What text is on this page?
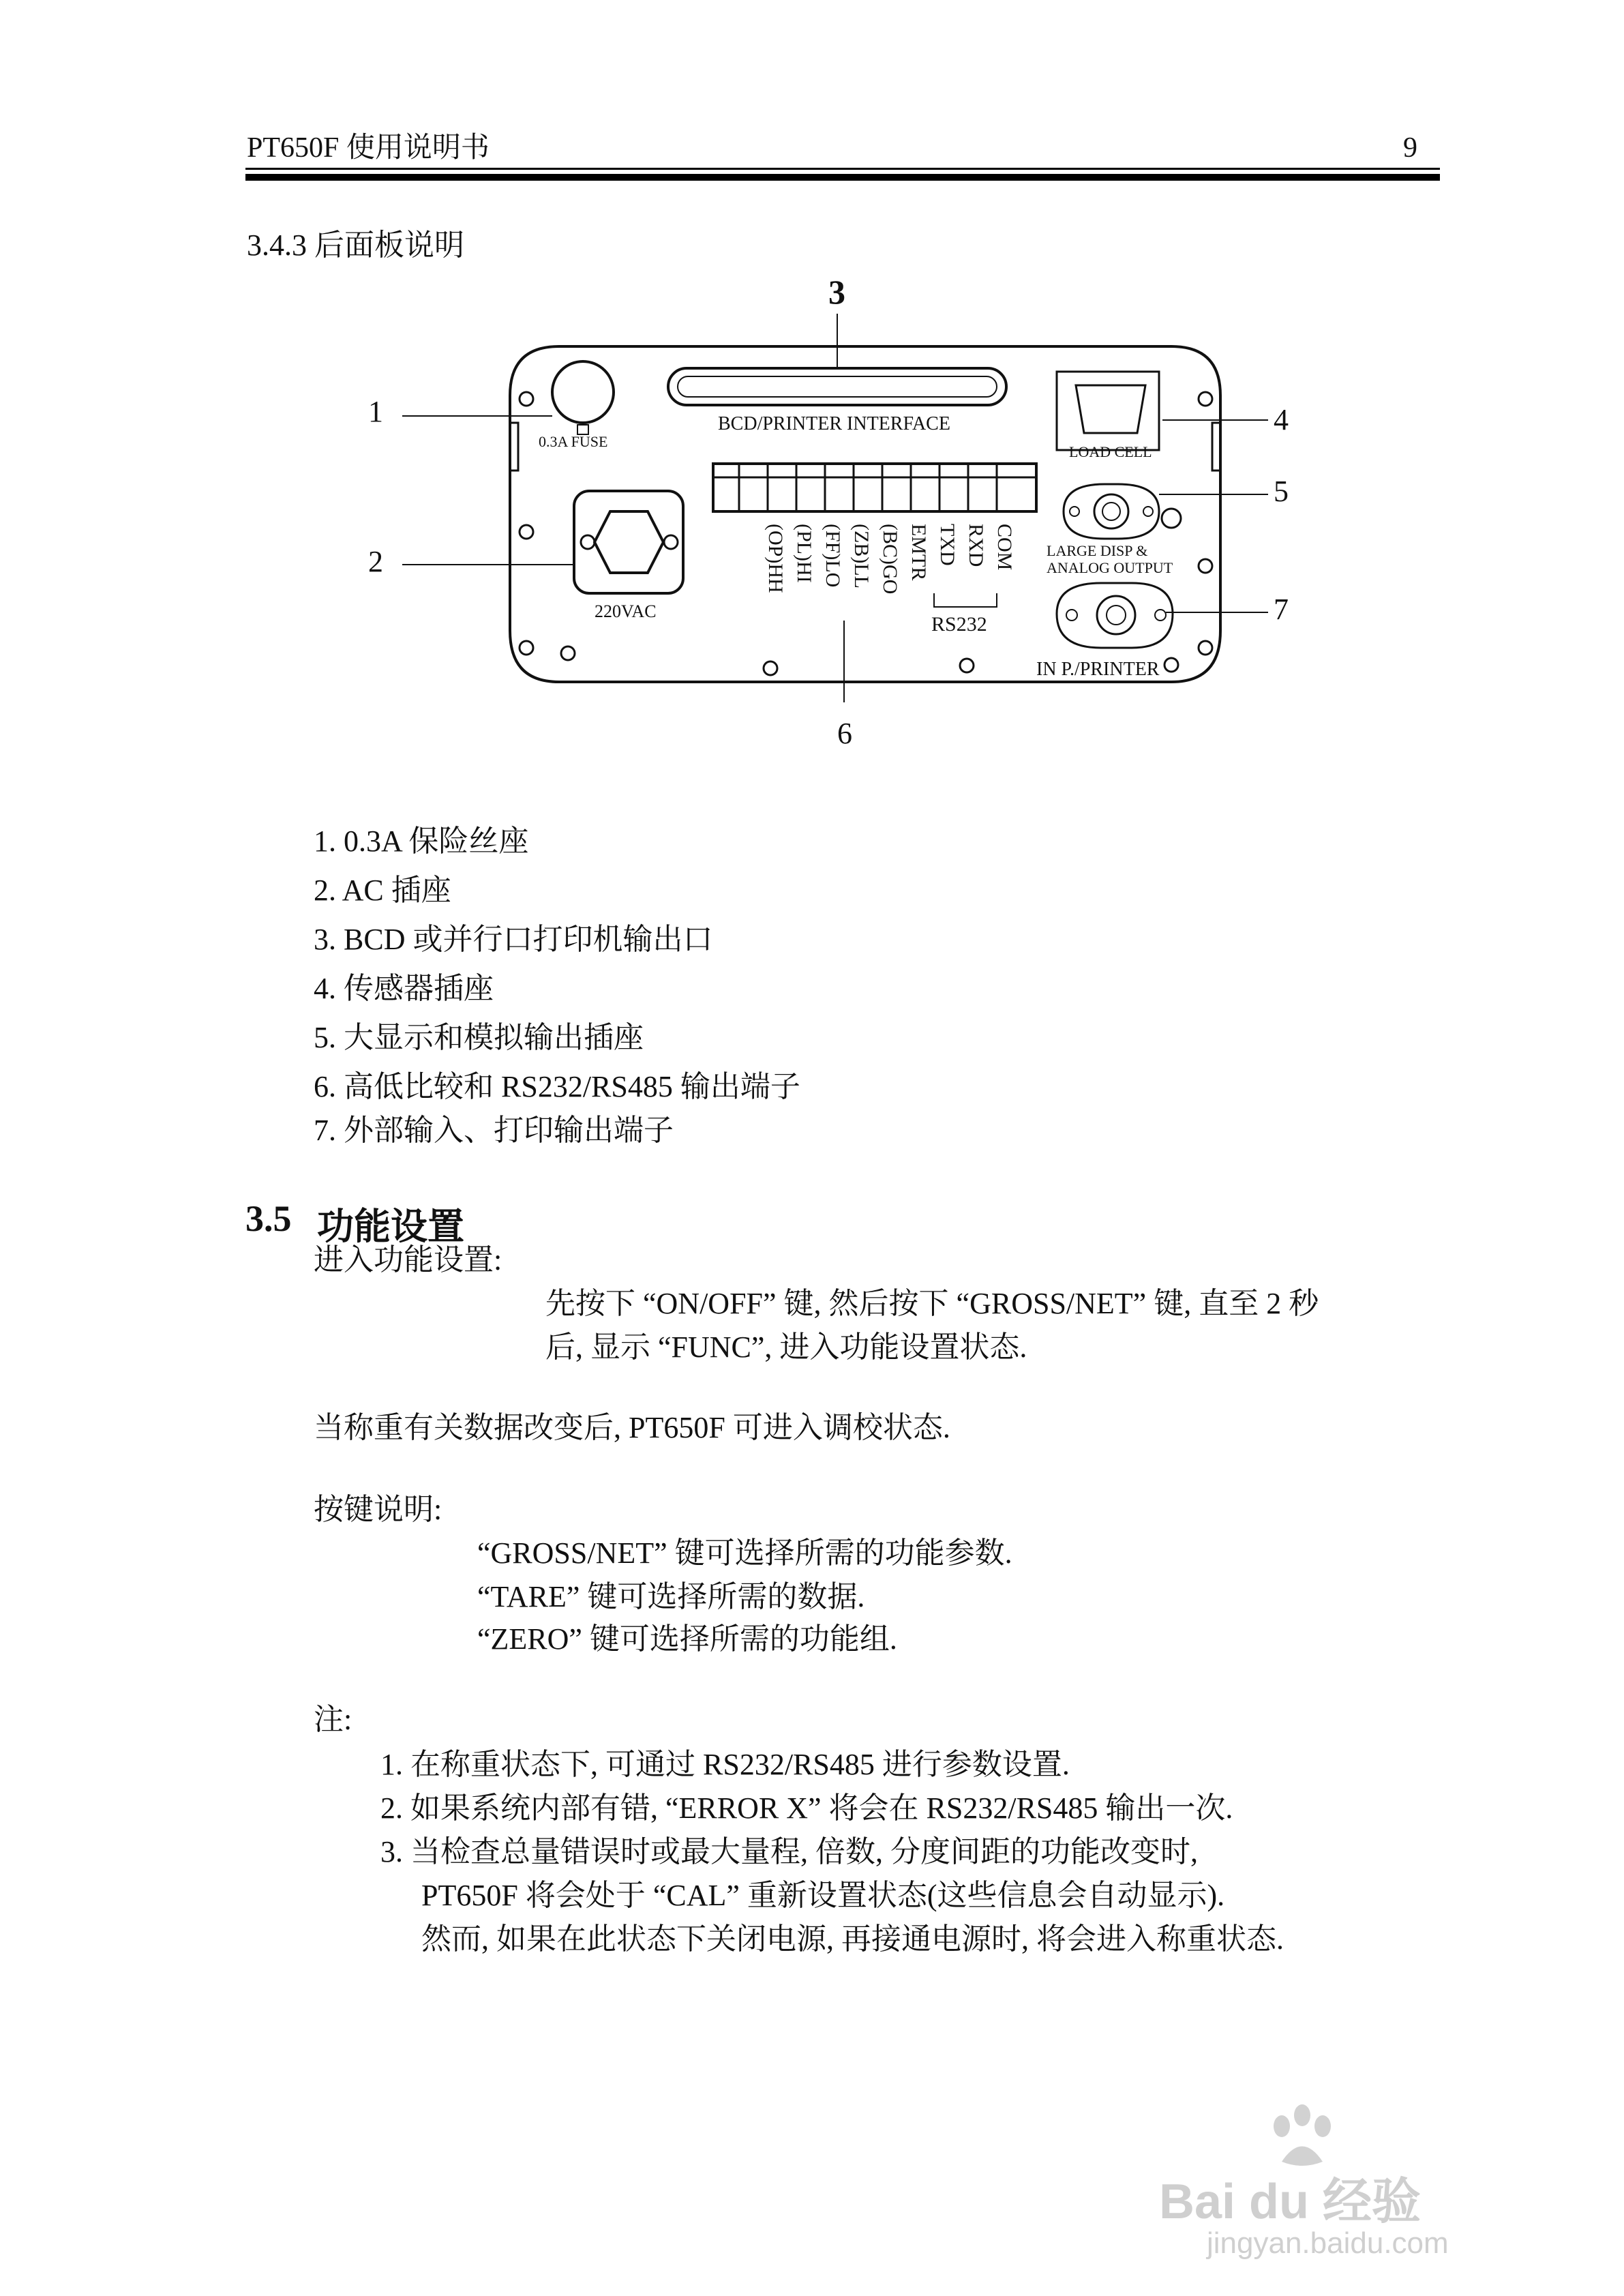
PT650F 使用说明书	9
3.4.3 后面板说明
3
1
0.3A FUSE
2
220VAC
BCD/PRINTER INTERFACE	4
LOAD CELL
(OP)HH (PL)HI (FF)LO (ZB)LL (BC)GO EMTR TXD RXD COM
RS232
6
5
LARGE DISP &
ANALOG OUTPUT
7
IN P./PRINTER
1. 0.3A 保险丝座
2. AC 插座
3. BCD 或并行口打印机输出口
4. 传感器插座
5. 大显示和模拟输出插座
6. 高低比较和 RS232/RS485 输出端子
7. 外部输入、打印输出端子
3.5 功能设置
进入功能设置:
先按下 “ON/OFF” 键, 然后按下 “GROSS/NET” 键, 直至 2 秒
后, 显示 “FUNC”, 进入功能设置状态.
当称重有关数据改变后, PT650F 可进入调校状态.
按键说明:
“GROSS/NET” 键可选择所需的功能参数.
“TARE” 键可选择所需的数据.
“ZERO” 键可选择所需的功能组.
注:
1. 在称重状态下, 可通过 RS232/RS485 进行参数设置.
2. 如果系统内部有错, “ERROR X” 将会在 RS232/RS485 输出一次.
3. 当检查总量错误时或最大量程, 倍数, 分度间距的功能改变时,
PT650F 将会处于 “CAL” 重新设置状态(这些信息会自动显示).
然而, 如果在此状态下关闭电源, 再接通电源时, 将会进入称重状态.
Bai du 经验
jingyan.baidu.com
